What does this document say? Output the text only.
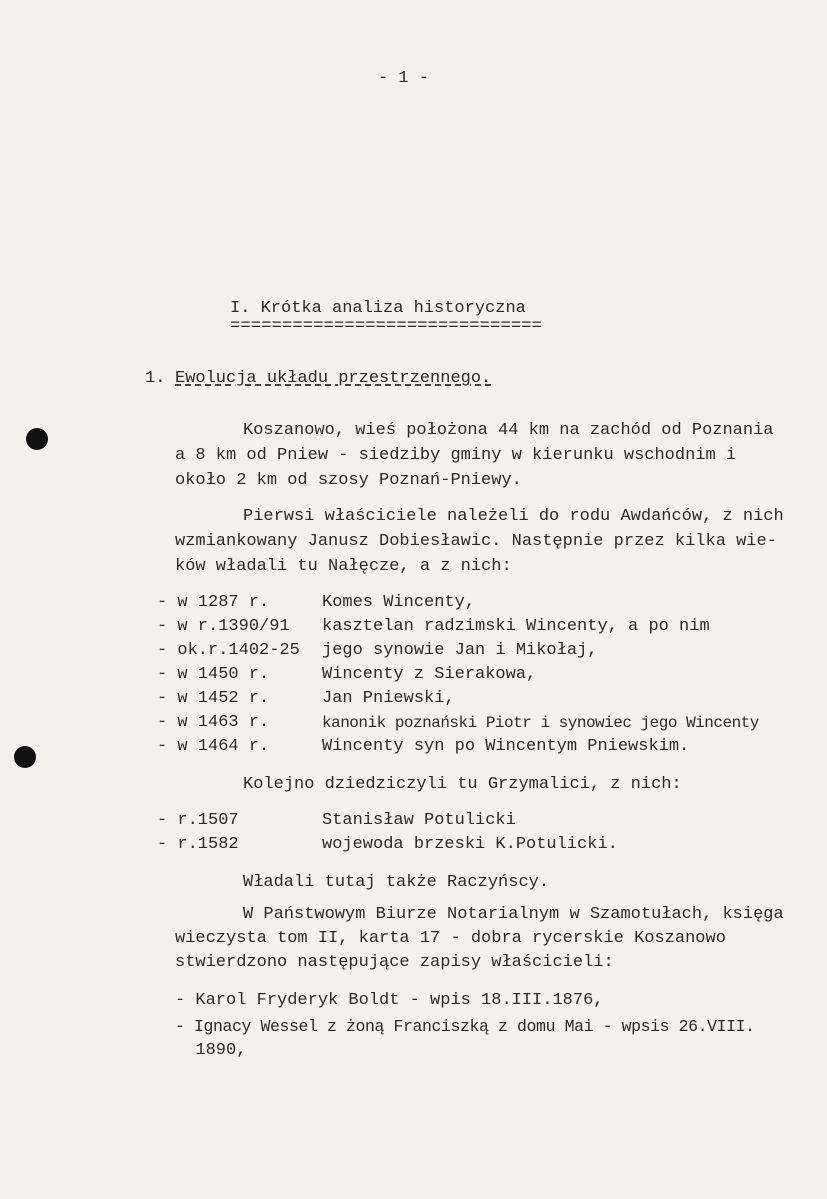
- 1 -
I. Krótka analiza historyczna
==============================
1. Ewolucja układu przestrzennego.
Koszanowo, wieś położona 44 km na zachód od Poznania
a 8 km od Pniew - siedziby gminy w kierunku wschodnim i
około 2 km od szosy Poznań-Pniewy.
Pierwsi właściciele należeli do rodu Awdańców, z nich
wzmiankowany Janusz Dobiesławic. Następnie przez kilka wie-
ków władali tu Nałęcze, a z nich:
- w 1287 r.	Komes Wincenty,
- w r.1390/91 kasztelan radzimski Wincenty, a po nim
- ok.r.1402-25 jego synowie Jan i Mikołaj,
- w 1450 r.	Wincenty z Sierakowa,
- w 1452 r.	Jan Pniewski,
- w 1463 r.	kanonik poznański Piotr i synowiec jego Wincenty
- w 1464 r.	Wincenty syn po Wincentym Pniewskim.
Kolejno dziedziczyli tu Grzymalici, z nich:
- r.1507	Stanisław Potulicki
- r.1582	wojewoda brzeski K.Potulicki.
Władali tutaj także Raczyńscy.
W Państwowym Biurze Notarialnym w Szamotułach, księga
wieczysta tom II, karta 17 - dobra rycerskie Koszanowo
stwierdzono następujące zapisy właścicieli:
- Karol Fryderyk Boldt - wpis 18.III.1876,
- Ignacy Wessel z żoną Franciszką z domu Mai - wpsis 26.VIII.
1890,
